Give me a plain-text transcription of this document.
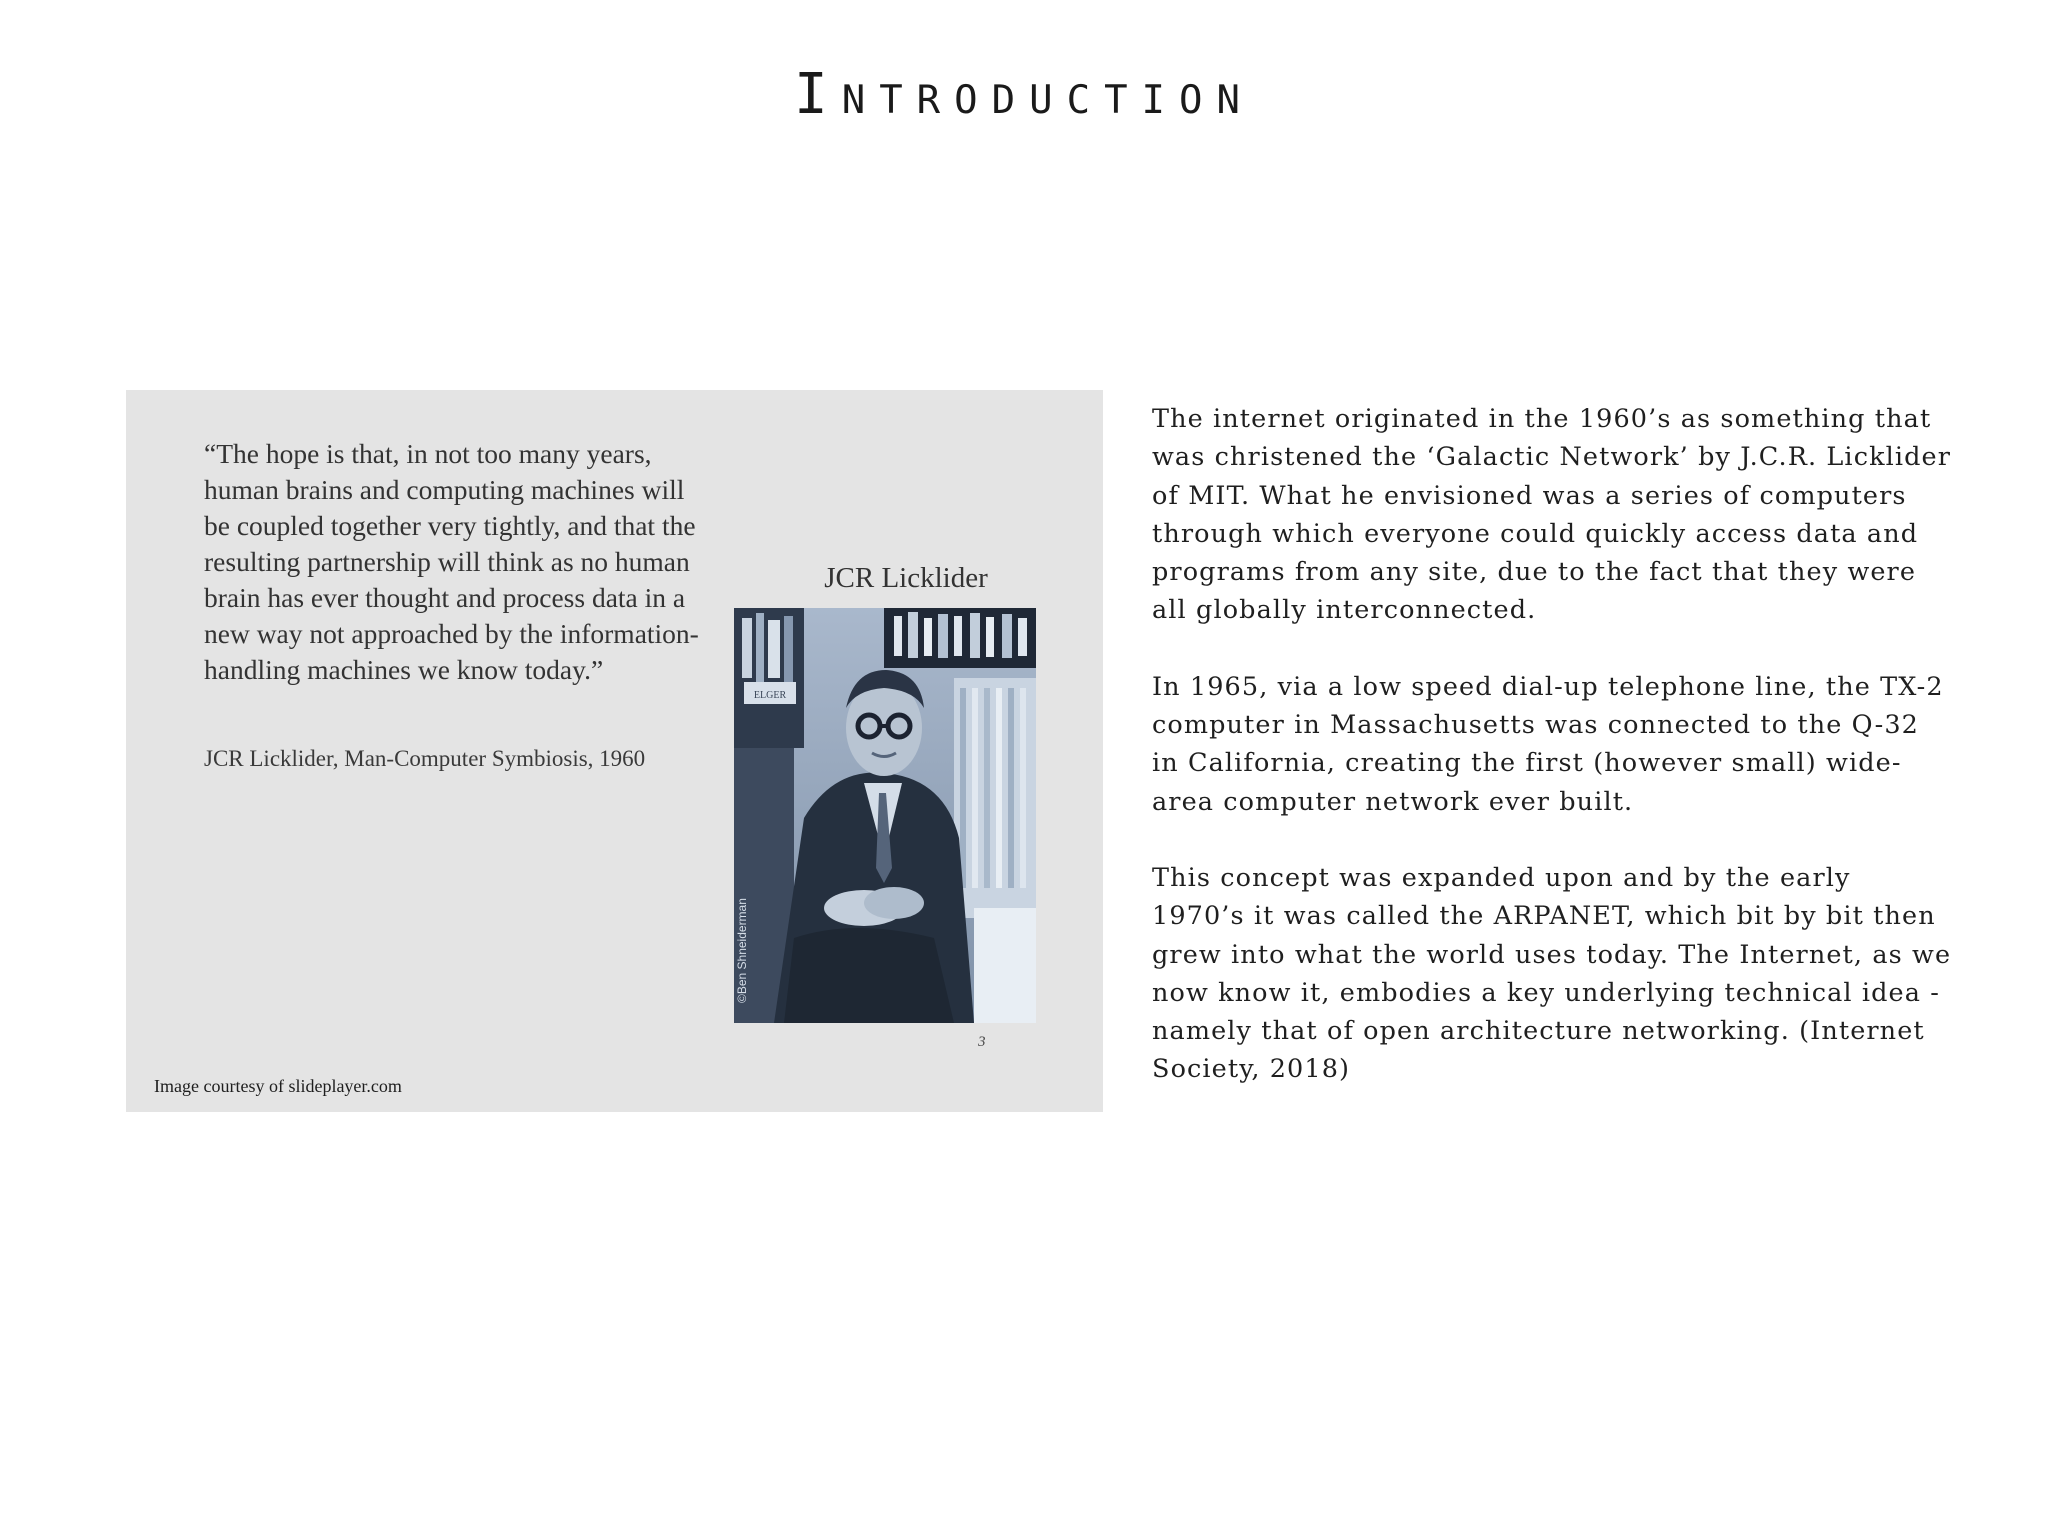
Introduction

“The hope is that, in not too many years, human brains and computing machines will be coupled together very tightly, and that the resulting partnership will think as no human brain has ever thought and process data in a new way not approached by the information-handling machines we know today.”

JCR Licklider, Man-Computer Symbiosis, 1960
JCR Licklider
ELGER
©Ben Shneiderman
3
Image courtesy of slideplayer.com

The internet originated in the 1960’s as something that was christened the ‘Galactic Network’ by J.C.R. Licklider of MIT. What he envisioned was a series of computers through which everyone could quickly access data and programs from any site, due to the fact that they were all globally interconnected.

In 1965, via a low speed dial-up telephone line, the TX-2 computer in Massachusetts was connected to the Q-32 in California, creating the first (however small) wide-area computer network ever built.

This concept was expanded upon and by the early 1970’s it was called the ARPANET, which bit by bit then grew into what the world uses today. The Internet, as we now know it, embodies a key underlying technical idea - namely that of open architecture networking. (Internet Society, 2018)
